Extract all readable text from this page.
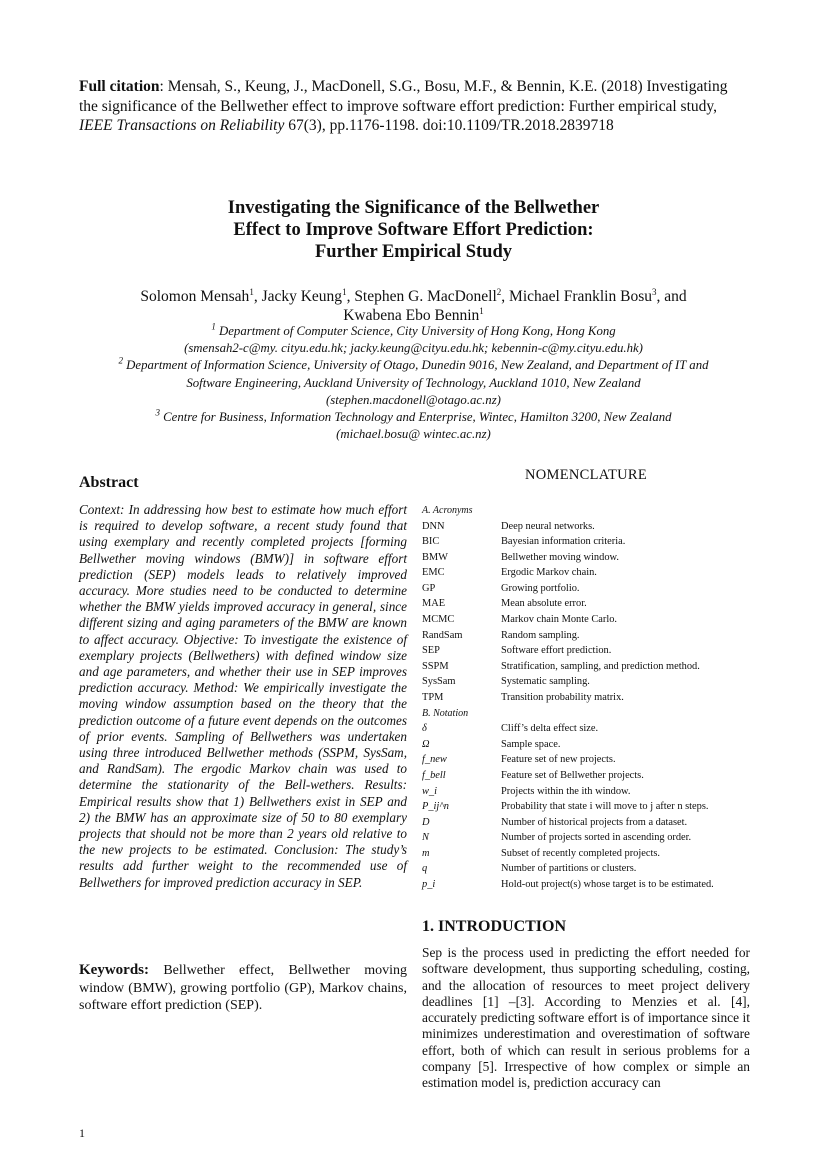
Full citation: Mensah, S., Keung, J., MacDonell, S.G., Bosu, M.F., & Bennin, K.E. (2018) Investigating the significance of the Bellwether effect to improve software effort prediction: Further empirical study, IEEE Transactions on Reliability 67(3), pp.1176-1198. doi:10.1109/TR.2018.2839718
Investigating the Significance of the Bellwether
Effect to Improve Software Effort Prediction:
Further Empirical Study
Solomon Mensah$^1$, Jacky Keung$^1$, Stephen G. MacDonell$^2$, Michael Franklin Bosu$^3$, and
Kwabena Ebo Bennin$^1$
$^1$ Department of Computer Science, City University of Hong Kong, Hong Kong
(smensah2-c@my. cityu.edu.hk; jacky.keung@cityu.edu.hk; kebennin-c@my.cityu.edu.hk)
$^2$ Department of Information Science, University of Otago, Dunedin 9016, New Zealand, and Department of IT and Software Engineering, Auckland University of Technology, Auckland 1010, New Zealand
(stephen.macdonell@otago.ac.nz)
$^3$ Centre for Business, Information Technology and Enterprise, Wintec, Hamilton 3200, New Zealand
(michael.bosu@ wintec.ac.nz)
Abstract
Context: In addressing how best to estimate how much effort is required to develop software, a recent study found that using exemplary and recently completed projects [forming Bellwether moving windows (BMW)] in software effort prediction (SEP) models leads to relatively improved accuracy. More studies need to be conducted to determine whether the BMW yields improved accuracy in general, since different sizing and aging parameters of the BMW are known to affect accuracy. Objective: To investigate the existence of exemplary projects (Bellwethers) with defined window size and age parameters, and whether their use in SEP improves prediction accuracy. Method: We empirically investigate the moving window assumption based on the theory that the prediction outcome of a future event depends on the outcomes of prior events. Sampling of Bellwethers was undertaken using three introduced Bellwether methods (SSPM, SysSam, and RandSam). The ergodic Markov chain was used to determine the stationarity of the Bell-wethers. Results: Empirical results show that 1) Bellwethers exist in SEP and 2) the BMW has an approximate size of 50 to 80 exemplary projects that should not be more than 2 years old relative to the new projects to be estimated. Conclusion: The study’s results add further weight to the recommended use of Bellwethers for improved prediction accuracy in SEP.
Keywords: Bellwether effect, Bellwether moving window (BMW), growing portfolio (GP), Markov chains, software effort prediction (SEP).
NOMENCLATURE
A. Acronyms
DNN	Deep neural networks.
BIC	Bayesian information criteria.
BMW	Bellwether moving window.
EMC	Ergodic Markov chain.
GP	Growing portfolio.
MAE	Mean absolute error.
MCMC	Markov chain Monte Carlo.
RandSam	Random sampling.
SEP	Software effort prediction.
SSPM	Stratification, sampling, and prediction method.
SysSam	Systematic sampling.
TPM	Transition probability matrix.
B. Notation
δ	Cliff’s delta effect size.
Ω	Sample space.
f_new	Feature set of new projects.
f_bell	Feature set of Bellwether projects.
w_i	Projects within the ith window.
P_ij^n	Probability that state i will move to j after n steps.
D	Number of historical projects from a dataset.
N	Number of projects sorted in ascending order.
m	Subset of recently completed projects.
q	Number of partitions or clusters.
p_i	Hold-out project(s) whose target is to be estimated.
1. INTRODUCTION
Sep is the process used in predicting the effort needed for software development, thus supporting scheduling, costing, and the allocation of resources to meet project delivery deadlines [1] –[3]. According to Menzies et al. [4], accurately predicting software effort is of importance since it minimizes underestimation and overestimation of software effort, both of which can result in serious problems for a company [5]. Irrespective of how complex or simple an estimation model is, prediction accuracy can
1
